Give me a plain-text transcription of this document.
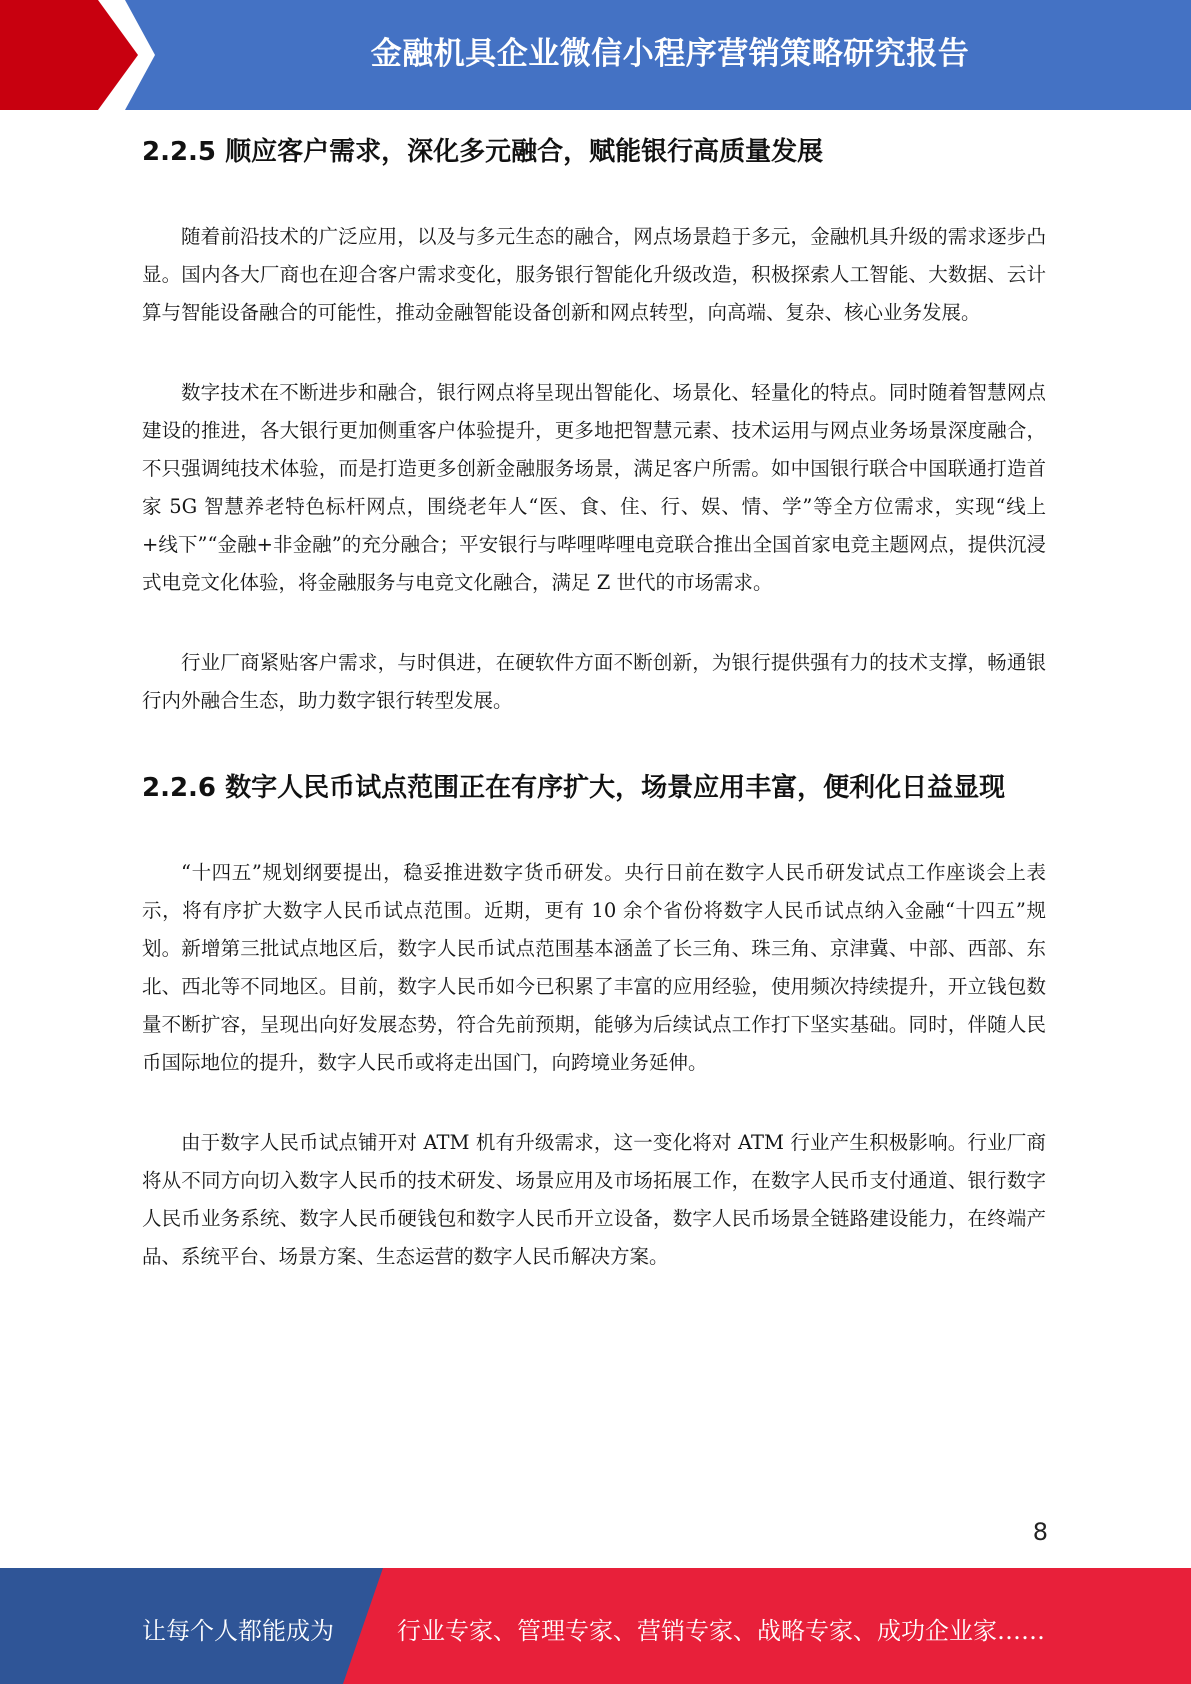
金融机具企业微信小程序营销策略研究报告
2.2.5 顺应客户需求，深化多元融合，赋能银行高质量发展

随着前沿技术的广泛应用，以及与多元生态的融合，网点场景趋于多元，金融机具升级的需求逐步凸显。国内各大厂商也在迎合客户需求变化，服务银行智能化升级改造，积极探索人工智能、大数据、云计算与智能设备融合的可能性，推动金融智能设备创新和网点转型，向高端、复杂、核心业务发展。

数字技术在不断进步和融合，银行网点将呈现出智能化、场景化、轻量化的特点。同时随着智慧网点建设的推进，各大银行更加侧重客户体验提升，更多地把智慧元素、技术运用与网点业务场景深度融合，不只强调纯技术体验，而是打造更多创新金融服务场景，满足客户所需。如中国银行联合中国联通打造首家 5G 智慧养老特色标杆网点，围绕老年人“医、食、住、行、娱、情、学”等全方位需求，实现“线上+线下”“金融+非金融”的充分融合；平安银行与哔哩哔哩电竞联合推出全国首家电竞主题网点，提供沉浸式电竞文化体验，将金融服务与电竞文化融合，满足 Z 世代的市场需求。

行业厂商紧贴客户需求，与时俱进，在硬软件方面不断创新，为银行提供强有力的技术支撑，畅通银行内外融合生态，助力数字银行转型发展。

2.2.6 数字人民币试点范围正在有序扩大，场景应用丰富，便利化日益显现

“十四五”规划纲要提出，稳妥推进数字货币研发。央行日前在数字人民币研发试点工作座谈会上表示，将有序扩大数字人民币试点范围。近期，更有 10 余个省份将数字人民币试点纳入金融“十四五”规划。新增第三批试点地区后，数字人民币试点范围基本涵盖了长三角、珠三角、京津冀、中部、西部、东北、西北等不同地区。目前，数字人民币如今已积累了丰富的应用经验，使用频次持续提升，开立钱包数量不断扩容，呈现出向好发展态势，符合先前预期，能够为后续试点工作打下坚实基础。同时，伴随人民币国际地位的提升，数字人民币或将走出国门，向跨境业务延伸。

由于数字人民币试点铺开对 ATM 机有升级需求，这一变化将对 ATM 行业产生积极影响。行业厂商将从不同方向切入数字人民币的技术研发、场景应用及市场拓展工作，在数字人民币支付通道、银行数字人民币业务系统、数字人民币硬钱包和数字人民币开立设备，数字人民币场景全链路建设能力，在终端产品、系统平台、场景方案、生态运营的数字人民币解决方案。

8
让每个人都能成为	行业专家、管理专家、营销专家、战略专家、成功企业家……
